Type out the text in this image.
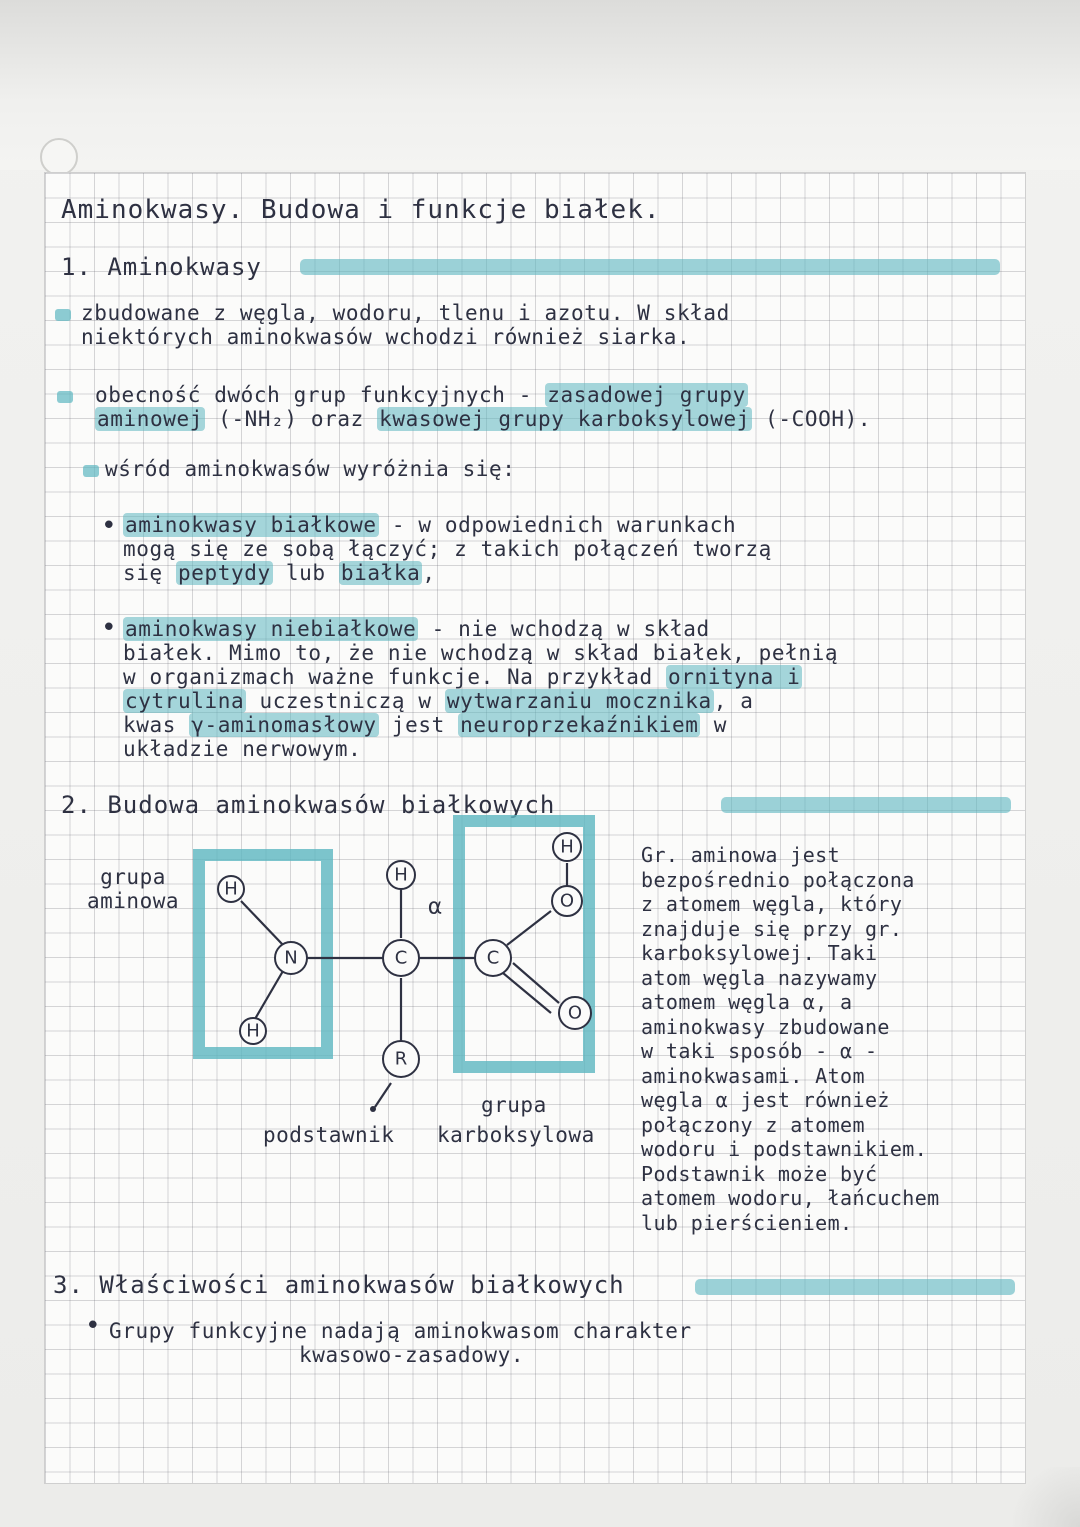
Aminokwasy. Budowa i funkcje białek.
1. Aminokwasy
zbudowane z węgla, wodoru, tlenu i azotu. W skład
niektórych aminokwasów wchodzi również siarka.
obecność dwóch grup funkcyjnych - zasadowej grupy
aminowej (-NH₂) oraz kwasowej grupy karboksylowej (-COOH).
wśród aminokwasów wyróżnia się:
• aminokwasy białkowe - w odpowiednich warunkach
mogą się ze sobą łączyć; z takich połączeń tworzą
się peptydy lub białka,
• aminokwasy niebiałkowe - nie wchodzą w skład
białek. Mimo to, że nie wchodzą w skład białek, pełnią
w organizmach ważne funkcje. Na przykład ornityna i
cytrulina uczestniczą w wytwarzaniu mocznika, a
kwas γ-aminomasłowy jest neuroprzekaźnikiem w
układzie nerwowym.
2. Budowa aminokwasów białkowych
grupa
aminowa	H
N
H
H
C
R
C
O
H
O
α
grupa
podstawnik karboksylowa
Gr. aminowa jest
bezpośrednio połączona
z atomem węgla, który
znajduje się przy gr.
karboksylowej. Taki
atom węgla nazywamy
atomem węgla α, a
aminokwasy zbudowane
w taki sposób - α -
aminokwasami. Atom
węgla α jest również
połączony z atomem
wodoru i podstawnikiem.
Podstawnik może być
atomem wodoru, łańcuchem
lub pierścieniem.
3. Właściwości aminokwasów białkowych
• Grupy funkcyjne nadają aminokwasom charakter
kwasowo-zasadowy.
